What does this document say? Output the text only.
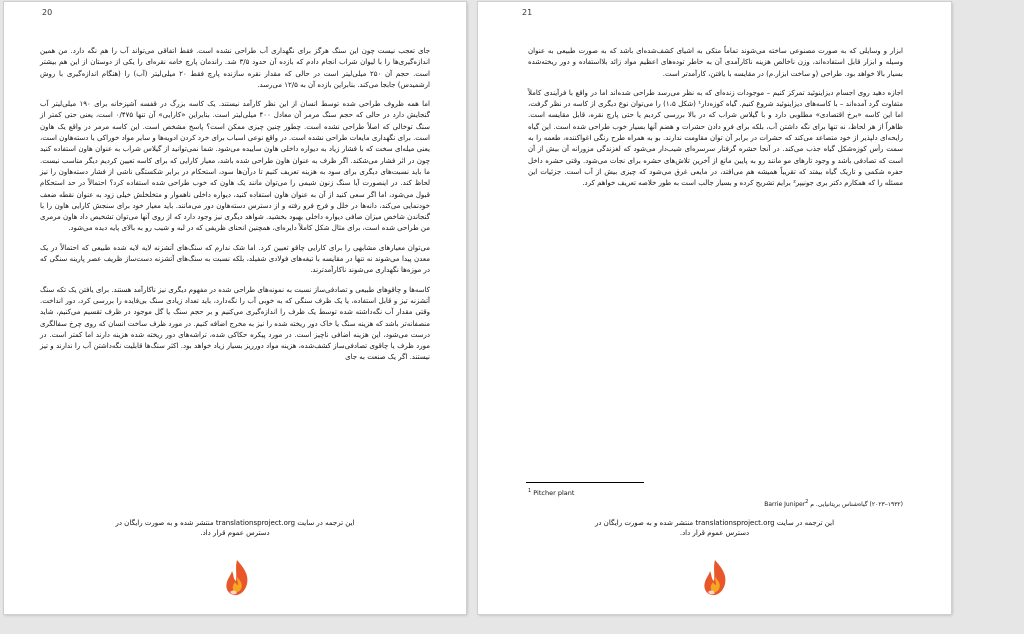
20

جای تعجب نیست چون این سنگ هرگز برای نگهداری آب طراحی نشده است. فقط اتفاقی می‌تواند آب را هم نگه دارد. من همین اندازه‌گیری‌ها را با لیوان شراب انجام دادم که بازده آن حدود ۳/۵ شد. راندمان پارچ خامه نقره‌ای را یکی از دوستان از این هم بیشتر است. حجم آن ۲۵۰ میلی‌لیتر است در حالی که مقدار نقره سازنده پارچ فقط ۲۰ میلی‌لیتر (آب) را (هنگام اندازه‌گیری با روش ارشمیدس) جابجا می‌کند. بنابراین بازده آن به ۱۲/۵ می‌رسد.

اما همه ظروف طراحی شده توسط انسان از این نظر کارآمد نیستند. یک کاسه بزرگ در قفسه آشپزخانه برای ۱۹۰ میلی‌لیتر آب گنجایش دارد در حالی که حجم سنگ مرمر آن معادل ۴۰۰ میلی‌لیتر است. بنابراین «کارایی» آن تنها ۰/۴۷۵ است، یعنی حتی کمتر از سنگ توخالی که اصلاً طراحی نشده است. چطور چنین چیزی ممکن است؟ پاسخ مشخص است. این کاسه مرمر در واقع یک هاون است. برای نگهداری مایعات طراحی نشده است. در واقع نوعی اسباب برای خرد کردن ادویه‌ها و سایر مواد خوراکی با دسته‌هاون است، یعنی میله‌ای سخت که با فشار زیاد به دیواره داخلی هاون ساییده می‌شود. شما نمی‌توانید از گیلاس شراب به عنوان هاون استفاده کنید چون در اثر فشار می‌شکند. اگر ظرف به عنوان هاون طراحی شده باشد، معیار کارایی که برای کاسه تعیین کردیم دیگر مناسب نیست. ما باید نسبت‌های دیگری برای سود به هزینه تعریف کنیم تا درآن‌ها سود، استحکام در برابر شکستگی ناشی از فشار دسته‌هاون را نیز لحاظ کند. در اینصورت آیا سنگ زنون شیمی را می‌توان مانند یک هاون که خوب طراحی شده استفاده کرد؟ احتمالاً در حد استحکام قبول می‌شود، اما اگر سعی کنید از آن به عنوان هاون استفاده کنید، دیواره داخلی ناهموار و متخلخلش خیلی زود به عنوان نقطه ضعف خودنمایی می‌کند، دانه‌ها در خلل و فرج فرو رفته و از دسترس دسته‌هاون دور می‌مانند. باید معیار خود برای سنجش کارایی هاون را با گنجاندن شاخص میزان صافی دیواره داخلی بهبود بخشید. شواهد دیگری نیز وجود دارد که از روی آنها می‌توان تشخیص داد هاون مرمری من طراحی شده است، برای مثال شکل کاملاً دایره‌ای، همچنین انحنای ظریفی که در لبه و شیب رو به بالای پایه دیده می‌شود.

می‌توان معیارهای مشابهی را برای کارایی چاقو تعیین کرد. اما شک ندارم که سنگ‌های آتشزنه لایه لایه شده طبیعی که احتمالاً در یک معدن پیدا می‌شوند نه تنها در مقایسه با تیغه‌های فولادی شفیلد، بلکه نسبت به سنگ‌های آتشزنه دست‌ساز ظریف عصر پارینه سنگی که در موزه‌ها نگهداری می‌شوند ناکارآمدترند.

کاسه‌ها و چاقوهای طبیعی و تصادفی‌ساز نسبت به نمونه‌های طراحی شده در مفهوم دیگری نیز ناکارآمد هستند. برای یافتن یک تکه سنگ آتشزنه تیز و قابل استفاده، یا یک ظرف سنگی که به خوبی آب را نگه‌دارد، باید تعداد زیادی سنگ بی‌فایده را بررسی کرد، دور انداخت. وقتی مقدار آب نگه‌داشته شده توسط یک ظرف را اندازه‌گیری می‌کنیم و بر حجم سنگ یا گل موجود در ظرف تقسیم می‌کنیم، شاید منصفانه‌تر باشد که هزینه سنگ یا خاک دور ریخته شده را نیز به مخرج اضافه کنیم. در مورد ظرف ساخت انسان که روی چرخ سفالگری درست می‌شود، این هزینه اضافی ناچیز است. در مورد پیکره حکاکی شده، تراشه‌های دور ریخته شده هزینه دارند اما کمتر است. در مورد ظرف یا چاقوی تصادفی‌ساز کشف‌شده، هزینه مواد دورریز بسیار زیاد خواهد بود. اکثر سنگ‌ها قابلیت نگه‌داشتن آب را ندارند و تیز نیستند. اگر یک صنعت به جای

این ترجمه در سایت translationsproject.org منتشر شده و به صورت رایگان در
دسترس عموم قرار داد.
21

ابزار و وسایلی که به صورت مصنوعی ساخته می‌شوند تماماً متکی به اشیای کشف‌شده‌ای باشد که به صورت طبیعی به عنوان وسیله و ابزار قابل استفاده‌اند، وزن ناخالص هزینه ناکارآمدی آن به خاطر توده‌های اعظیم مواد زائد بلااستفاده و دور ریخته‌شده بسیار بالا خواهد بود. طراحی (و ساخت ابزار.م) در مقایسه با یافتن، کارآمدتر است.

اجازه دهید روی اجسام دیزاینوئید تمرکز کنیم – موجودات زنده‌ای که به نظر می‌رسد طراحی شده‌اند اما در واقع با فرآیندی کاملاً متفاوت گرد آمده‌اند – با کاسه‌های دیزاینوئید شروع کنیم. گیاه کوزه‌دار¹ (شکل ۱،۵) را می‌توان نوع دیگری از کاسه در نظر گرفت، اما این کاسه «برخ اقتصادی» مطلوبی دارد و با گیلاس شراب که در بالا بررسی کردیم یا حتی پارچ نقره، قابل مقایسه است. ظاهراً از هر لحاظ، نه تنها برای نگه داشتن آب، بلکه برای فرو دادن حشرات و هضم آنها بسیار خوب طراحی شده است. این گیاه رایحه‌ای دلپذیر از خود متصاعد می‌کند که حشرات در برابر آن توان مقاومت ندارند. بو به همراه طرح رنگی اغواکننده، طعمه را به سمت رأس کوزه‌شکل گیاه جذب می‌کند. در آنجا حشره گرفتار سرسره‌ای شیب‌دار می‌شود که لغزندگی مزورانه آن بیش از آن است که تصادفی باشد و وجود تارهای مو مانند رو به پایین مانع از آخرین تلاش‌های حشره برای نجات می‌شود. وقتی حشره داخل حفره شکمی و تاریک گیاه بیفتد که تقریباً همیشه هم می‌افتد، در مایعی غرق می‌شود که چیزی بیش از آب است. جزئیات این مسئله را که همکارم دکتر بری جونیپر² برایم تشریح کرده و بسیار جالب است به طور خلاصه تعریف خواهم کرد.

$^1$ Pitcher plant
(۱۹۳۲–۲۰۲۳) گیاه‌شناس بریتانیایی. م Barrie Juniper$^2$
این ترجمه در سایت translationsproject.org منتشر شده و به صورت رایگان در
دسترس عموم قرار داد.
